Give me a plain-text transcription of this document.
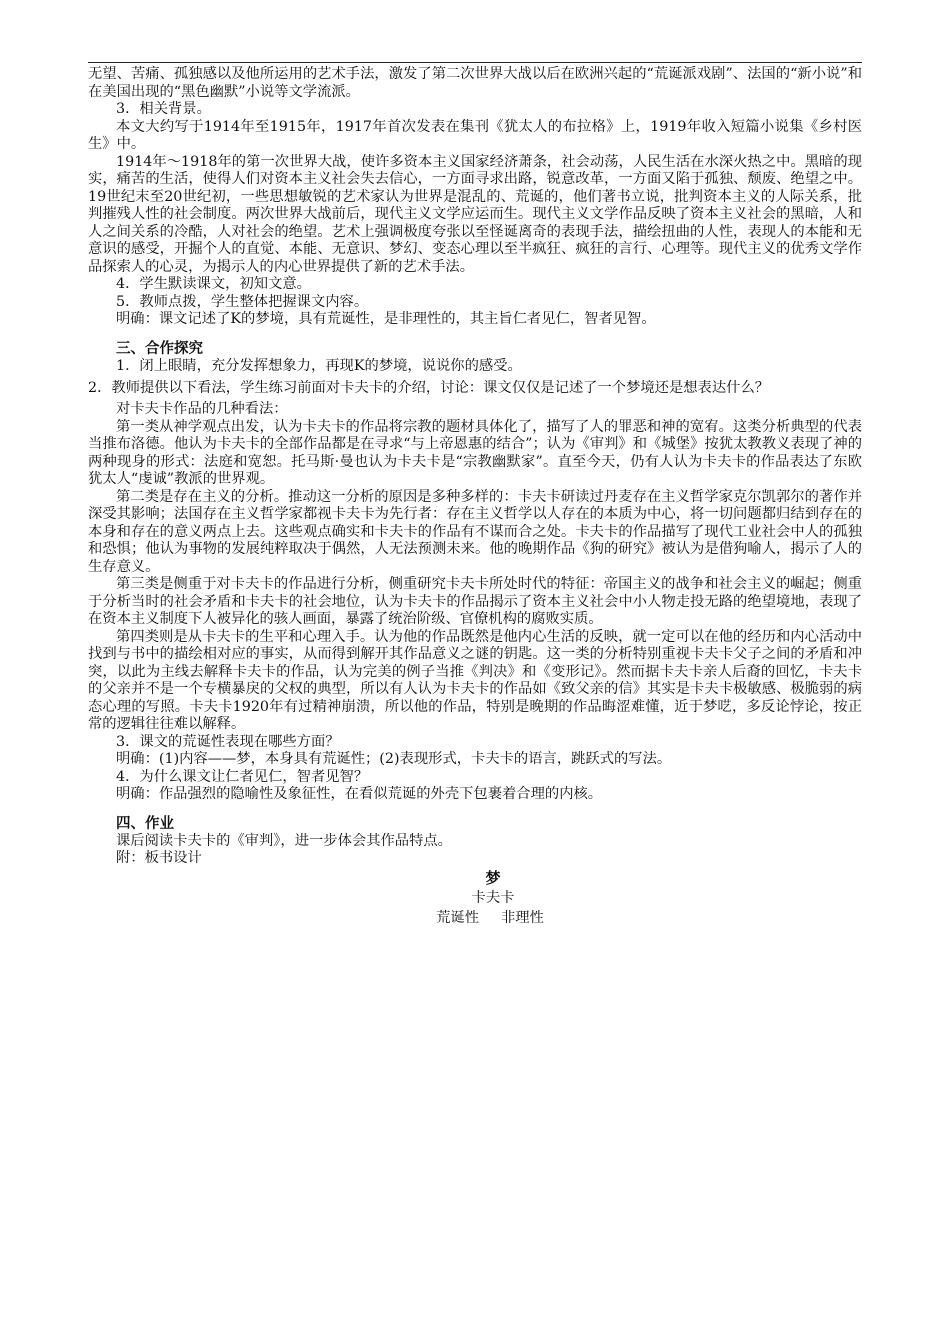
无望、苦痛、孤独感以及他所运用的艺术手法，激发了第二次世界大战以后在欧洲兴起的“荒诞派戏剧”、法国的“新小说”和在美国出现的“黑色幽默”小说等文学流派。

3．相关背景。

本文大约写于1914年至1915年，1917年首次发表在集刊《犹太人的布拉格》上，1919年收入短篇小说集《乡村医生》中。

1914年～1918年的第一次世界大战，使许多资本主义国家经济萧条，社会动荡，人民生活在水深火热之中。黑暗的现实，痛苦的生活，使得人们对资本主义社会失去信心，一方面寻求出路，锐意改革，一方面又陷于孤独、颓废、绝望之中。19世纪末至20世纪初，一些思想敏锐的艺术家认为世界是混乱的、荒诞的，他们著书立说，批判资本主义的人际关系，批判摧残人性的社会制度。两次世界大战前后，现代主义文学应运而生。现代主义文学作品反映了资本主义社会的黑暗，人和人之间关系的冷酷，人对社会的绝望。艺术上强调极度夸张以至怪诞离奇的表现手法，描绘扭曲的人性，表现人的本能和无意识的感受，开掘个人的直觉、本能、无意识、梦幻、变态心理以至半疯狂、疯狂的言行、心理等。现代主义的优秀文学作品探索人的心灵，为揭示人的内心世界提供了新的艺术手法。

4．学生默读课文，初知文意。

5．教师点拨，学生整体把握课文内容。

明确：课文记述了K的梦境，具有荒诞性，是非理性的，其主旨仁者见仁，智者见智。

三、合作探究

1．闭上眼睛，充分发挥想象力，再现K的梦境，说说你的感受。

2．教师提供以下看法，学生练习前面对卡夫卡的介绍，讨论：课文仅仅是记述了一个梦境还是想表达什么？

对卡夫卡作品的几种看法：

第一类从神学观点出发，认为卡夫卡的作品将宗教的题材具体化了，描写了人的罪恶和神的宽宥。这类分析典型的代表当推布洛德。他认为卡夫卡的全部作品都是在寻求“与上帝恩惠的结合”；认为《审判》和《城堡》按犹太教教义表现了神的两种现身的形式：法庭和宽恕。托马斯·曼也认为卡夫卡是“宗教幽默家”。直至今天，仍有人认为卡夫卡的作品表达了东欧犹太人“虔诚”教派的世界观。

第二类是存在主义的分析。推动这一分析的原因是多种多样的：卡夫卡研读过丹麦存在主义哲学家克尔凯郭尔的著作并深受其影响；法国存在主义哲学家都视卡夫卡为先行者：存在主义哲学以人存在的本质为中心，将一切问题都归结到存在的本身和存在的意义两点上去。这些观点确实和卡夫卡的作品有不谋而合之处。卡夫卡的作品描写了现代工业社会中人的孤独和恐惧；他认为事物的发展纯粹取决于偶然，人无法预测未来。他的晚期作品《狗的研究》被认为是借狗喻人，揭示了人的生存意义。

第三类是侧重于对卡夫卡的作品进行分析，侧重研究卡夫卡所处时代的特征：帝国主义的战争和社会主义的崛起；侧重于分析当时的社会矛盾和卡夫卡的社会地位，认为卡夫卡的作品揭示了资本主义社会中小人物走投无路的绝望境地，表现了在资本主义制度下人被异化的骇人画面，暴露了统治阶级、官僚机构的腐败实质。

第四类则是从卡夫卡的生平和心理入手。认为他的作品既然是他内心生活的反映，就一定可以在他的经历和内心活动中找到与书中的描绘相对应的事实，从而得到解开其作品意义之谜的钥匙。这一类的分析特别重视卡夫卡父子之间的矛盾和冲突，以此为主线去解释卡夫卡的作品，认为完美的例子当推《判决》和《变形记》。然而据卡夫卡亲人后裔的回忆，卡夫卡的父亲并不是一个专横暴戾的父权的典型，所以有人认为卡夫卡的作品如《致父亲的信》其实是卡夫卡极敏感、极脆弱的病态心理的写照。卡夫卡1920年有过精神崩溃，所以他的作品，特别是晚期的作品晦涩难懂，近于梦呓，多反论悖论，按正常的逻辑往往难以解释。

3．课文的荒诞性表现在哪些方面？

明确：(1)内容——梦，本身具有荒诞性；(2)表现形式，卡夫卡的语言，跳跃式的写法。

4．为什么课文让仁者见仁，智者见智？

明确：作品强烈的隐喻性及象征性，在看似荒诞的外壳下包裹着合理的内核。

四、作业

课后阅读卡夫卡的《审判》，进一步体会其作品特点。

附：板书设计

梦

卡夫卡

荒诞性 非理性
